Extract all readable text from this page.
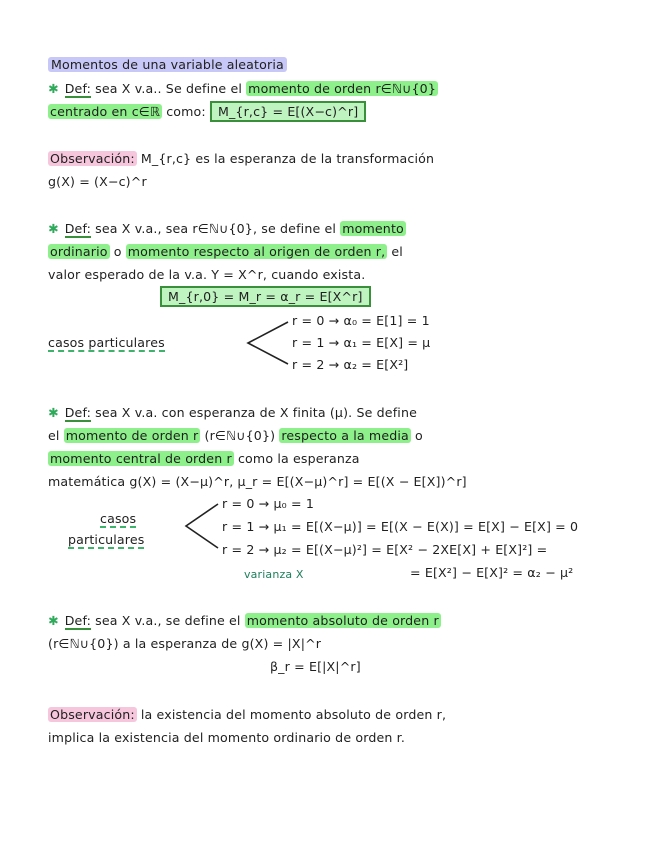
Momentos de una variable aleatoria
✱ Def: sea X v.a.. Se define el momento de orden r∈ℕ∪{0}
centrado en c∈ℝ como: M_{r,c} = E[(X−c)^r]
Observación: M_{r,c} es la esperanza de la transformación
g(X) = (X−c)^r
✱ Def: sea X v.a., sea r∈ℕ∪{0}, se define el momento
ordinario o momento respecto al origen de orden r, el
valor esperado de la v.a. Y = X^r, cuando exista.
M_{r,0} = M_r = α_r = E[X^r]
casos particulares
r = 0 → α₀ = E[1] = 1
r = 1 → α₁ = E[X] = μ
r = 2 → α₂ = E[X²]
✱ Def: sea X v.a. con esperanza de X finita (μ). Se define
el momento de orden r (r∈ℕ∪{0}) respecto a la media o
momento central de orden r como la esperanza
matemática g(X) = (X−μ)^r, μ_r = E[(X−μ)^r] = E[(X − E[X])^r]
casos
particulares
r = 0 → μ₀ = 1
r = 1 → μ₁ = E[(X−μ)] = E[(X − E(X)] = E[X] − E[X] = 0
r = 2 → μ₂ = E[(X−μ)²] = E[X² − 2XE[X] + E[X]²] =
= E[X²] − E[X]² = α₂ − μ²
varianza X
✱ Def: sea X v.a., se define el momento absoluto de orden r
(r∈ℕ∪{0}) a la esperanza de g(X) = |X|^r
β_r = E[|X|^r]
Observación: la existencia del momento absoluto de orden r,
implica la existencia del momento ordinario de orden r.
